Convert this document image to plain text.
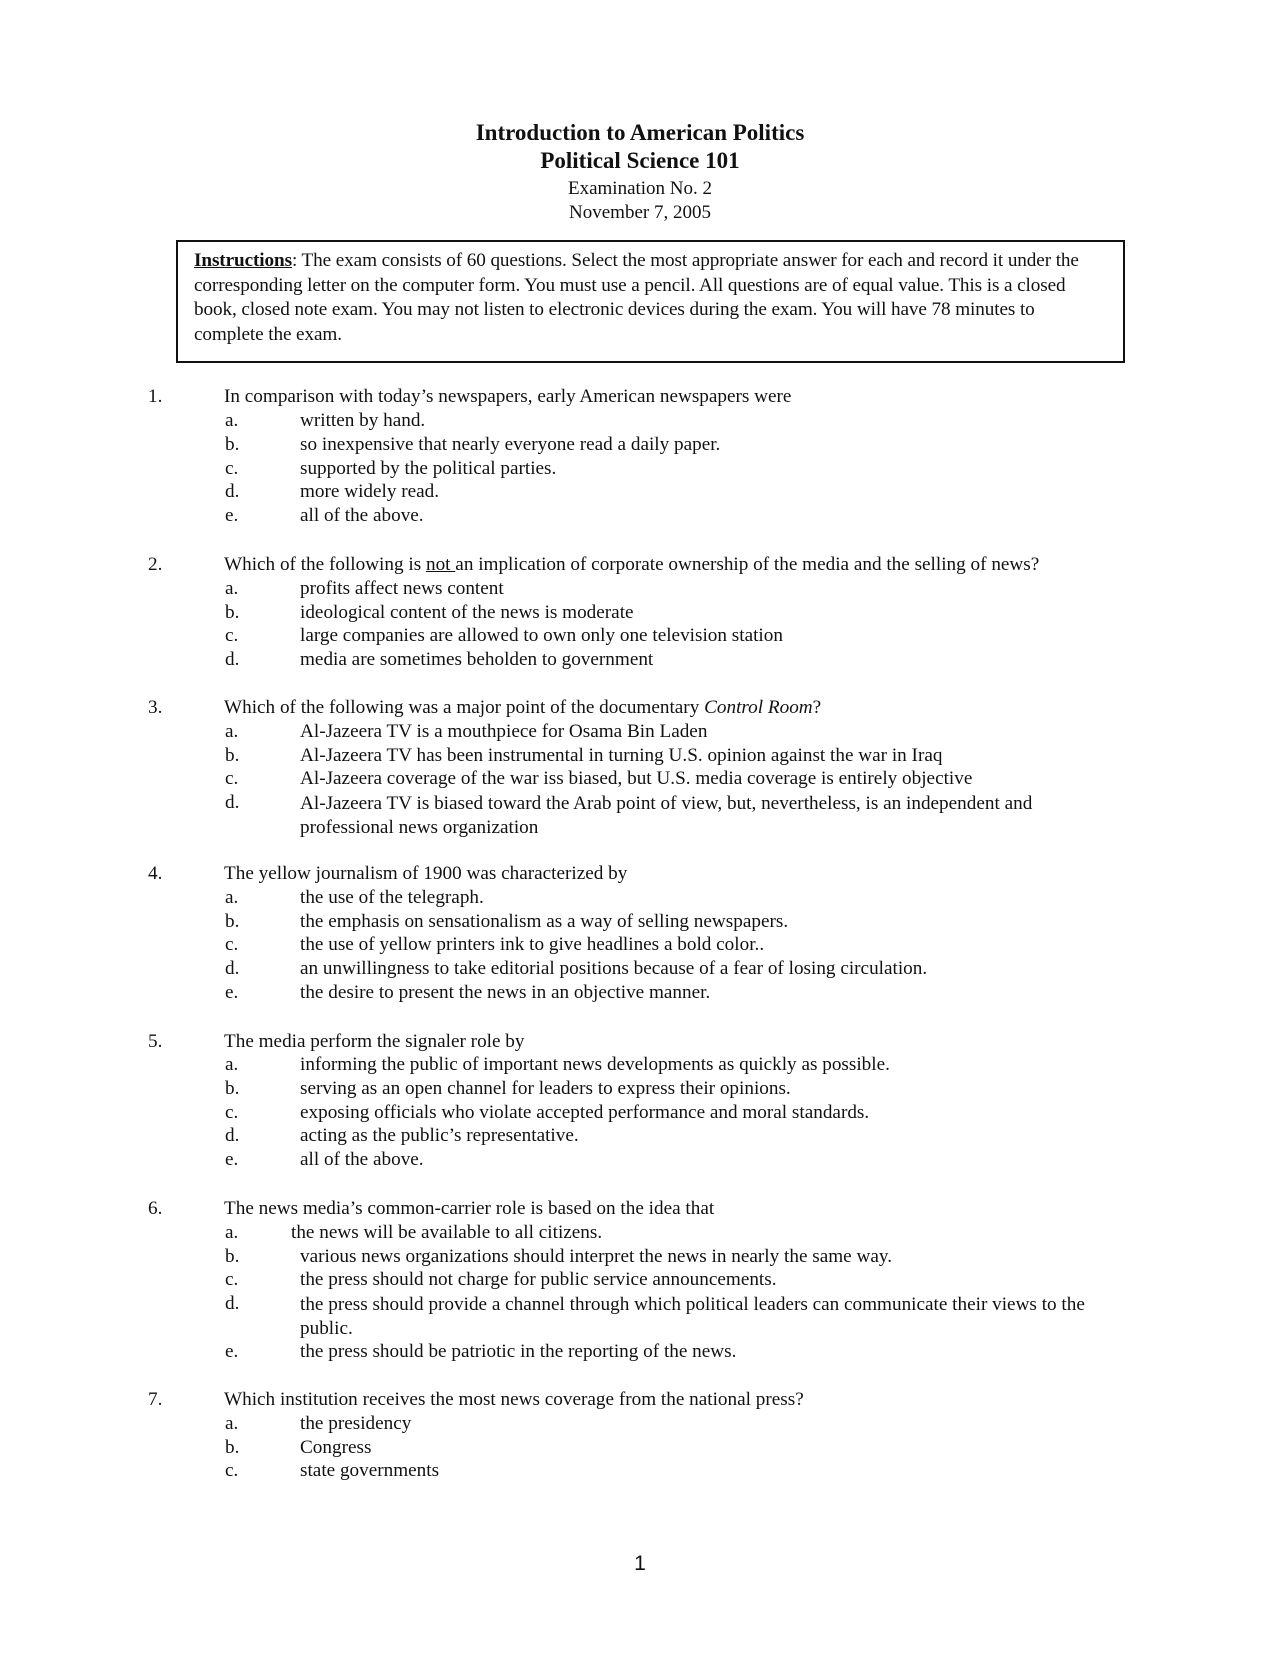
Introduction to American Politics
Political Science 101
Examination No. 2
November 7, 2005
Instructions: The exam consists of 60 questions. Select the most appropriate answer for each and record it under the corresponding letter on the computer form. You must use a pencil. All questions are of equal value. This is a closed book, closed note exam. You may not listen to electronic devices during the exam. You will have 78 minutes to complete the exam.
1.	In comparison with today’s newspapers, early American newspapers were
a.	written by hand.
b.	so inexpensive that nearly everyone read a daily paper.
c.	supported by the political parties.
d.	more widely read.
e.	all of the above.
2.	Which of the following is not an implication of corporate ownership of the media and the selling of news?
a.	profits affect news content
b.	ideological content of the news is moderate
c.	large companies are allowed to own only one television station
d.	media are sometimes beholden to government
3.	Which of the following was a major point of the documentary Control Room?
a.	Al-Jazeera TV is a mouthpiece for Osama Bin Laden
b.	Al-Jazeera TV has been instrumental in turning U.S. opinion against the war in Iraq
c.	Al-Jazeera coverage of the war iss biased, but U.S. media coverage is entirely objective
d.	Al-Jazeera TV is biased toward the Arab point of view, but, nevertheless, is an independent and professional news organization
4.	The yellow journalism of 1900 was characterized by
a.	the use of the telegraph.
b.	the emphasis on sensationalism as a way of selling newspapers.
c.	the use of yellow printers ink to give headlines a bold color..
d.	an unwillingness to take editorial positions because of a fear of losing circulation.
e.	the desire to present the news in an objective manner.
5.	The media perform the signaler role by
a.	informing the public of important news developments as quickly as possible.
b.	serving as an open channel for leaders to express their opinions.
c.	exposing officials who violate accepted performance and moral standards.
d.	acting as the public’s representative.
e.	all of the above.
6.	The news media’s common-carrier role is based on the idea that
a.	the news will be available to all citizens.
b.	various news organizations should interpret the news in nearly the same way.
c.	the press should not charge for public service announcements.
d.	the press should provide a channel through which political leaders can communicate their views to the public.
e.	the press should be patriotic in the reporting of the news.
7.	Which institution receives the most news coverage from the national press?
a.	the presidency
b.	Congress
c.	state governments
1
